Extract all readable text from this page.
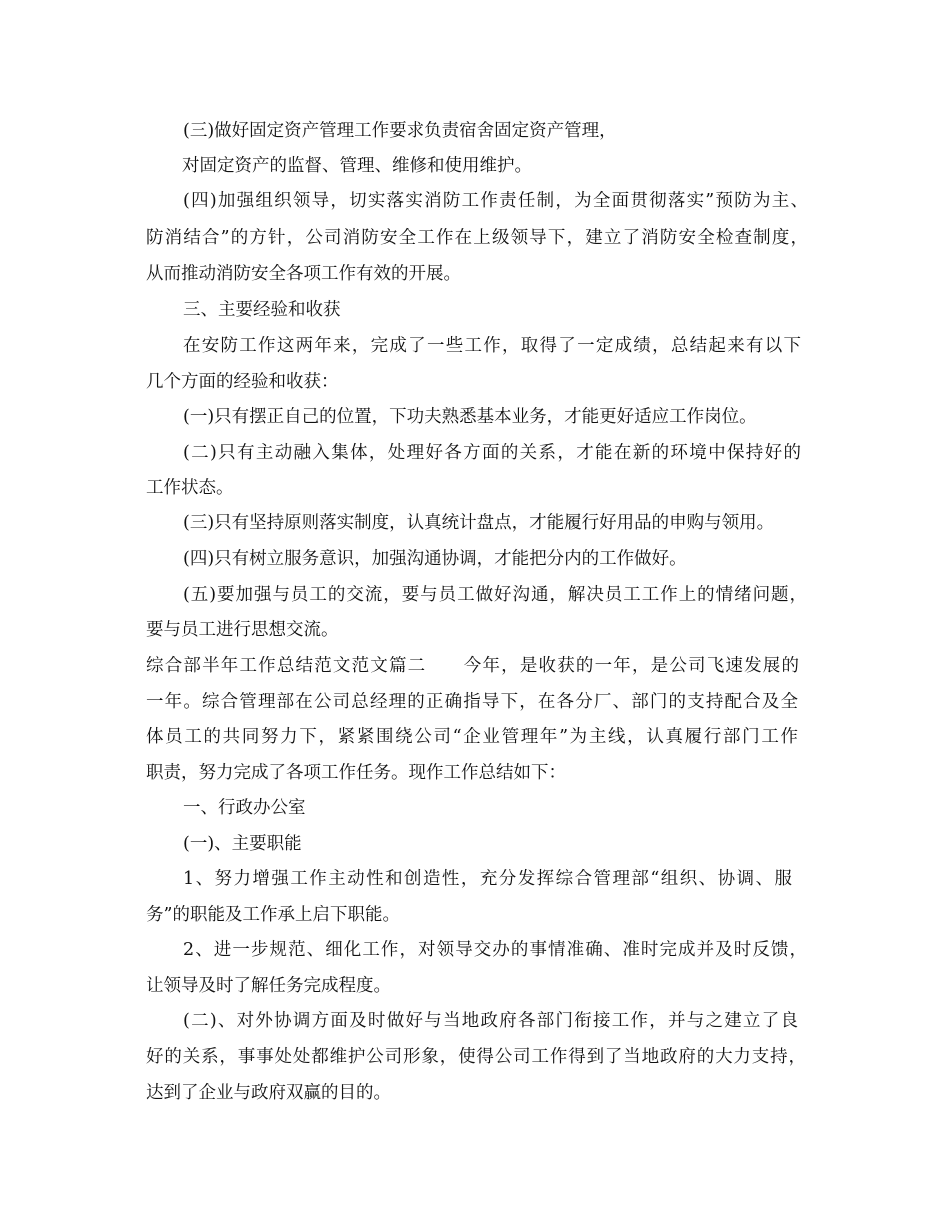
(三)做好固定资产管理工作要求负责宿舍固定资产管理，
对固定资产的监督、管理、维修和使用维护。
(四)加强组织领导，切实落实消防工作责任制，为全面贯彻落实”预防为主、
防消结合”的方针，公司消防安全工作在上级领导下，建立了消防安全检查制度，
从而推动消防安全各项工作有效的开展。
三、主要经验和收获
在安防工作这两年来，完成了一些工作，取得了一定成绩，总结起来有以下
几个方面的经验和收获：
(一)只有摆正自己的位置，下功夫熟悉基本业务，才能更好适应工作岗位。
(二)只有主动融入集体，处理好各方面的关系，才能在新的环境中保持好的
工作状态。
(三)只有坚持原则落实制度，认真统计盘点，才能履行好用品的申购与领用。
(四)只有树立服务意识，加强沟通协调，才能把分内的工作做好。
(五)要加强与员工的交流，要与员工做好沟通，解决员工工作上的情绪问题，
要与员工进行思想交流。
综合部半年工作总结范文范文篇二　　今年，是收获的一年，是公司飞速发展的
一年。综合管理部在公司总经理的正确指导下，在各分厂、部门的支持配合及全
体员工的共同努力下，紧紧围绕公司“企业管理年”为主线，认真履行部门工作
职责，努力完成了各项工作任务。现作工作总结如下：
一、行政办公室
(一)、主要职能
1、努力增强工作主动性和创造性，充分发挥综合管理部“组织、协调、服
务”的职能及工作承上启下职能。
2、进一步规范、细化工作，对领导交办的事情准确、准时完成并及时反馈，
让领导及时了解任务完成程度。
(二)、对外协调方面及时做好与当地政府各部门衔接工作，并与之建立了良
好的关系，事事处处都维护公司形象，使得公司工作得到了当地政府的大力支持，
达到了企业与政府双赢的目的。
